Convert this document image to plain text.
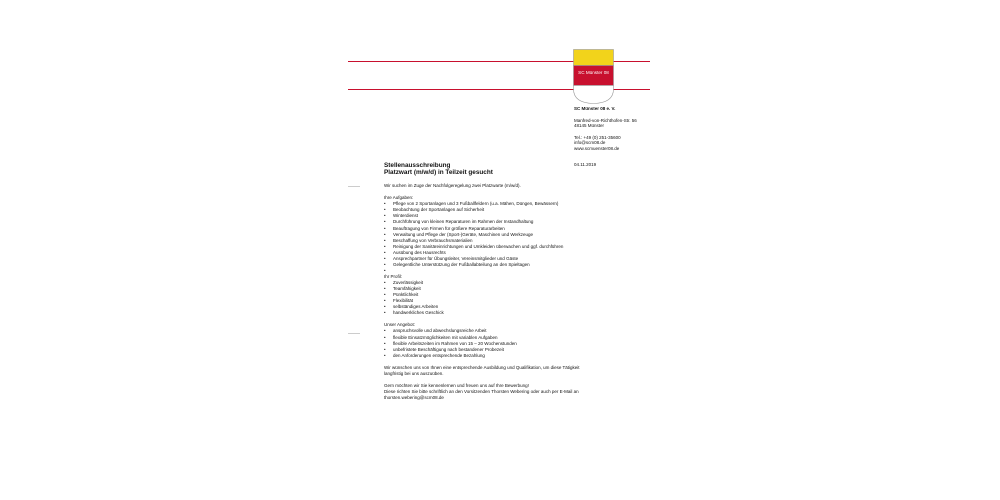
SC Münster 08
SC Münster 08 e. V.
Manfred-von-Richthofen-Str. 56
48145 Münster
Tel.: +49 (0) 251-35600
info@scm08.de
www.scmuenster08.de
04.11.2019
Stellenausschreibung
Platzwart (m/w/d) in Teilzeit gesucht

Wir suchen im Zuge der Nachfolgeregelung zwei Platzwarte (m/w/d).

Ihre Aufgaben:

• Pflege von 2 Sportanlagen und 3 Fußballfeldern (u.a. Mähen, Düngen, Bewässern)
• Beobachtung der Sportanlagen auf Sicherheit
• Winterdienst
• Durchführung von kleinen Reparaturen im Rahmen der Instandhaltung
• Beauftragung von Firmen für größere Reparaturarbeiten
• Verwaltung und Pflege der (Sport-)Geräte, Maschinen und Werkzeuge
• Beschaffung von Verbrauchsmaterialien
• Reinigung der Sanitäreinrichtungen und Umkleiden überwachen und ggf. durchführen
• Ausübung des Hausrechts
• Ansprechpartner für Übungsleiter, Vereinsmitglieder und Gäste
• Gelegentliche Unterstützung der Fußballabteilung an den Spieltagen
•

Ihr Profil:

• Zuverlässigkeit
• Teamfähigkeit
• Pünktlichkeit
• Flexibilität
• selbständiges Arbeiten
• handwerkliches Geschick

Unser Angebot:

• anspruchsvolle und abwechslungsreiche Arbeit
• flexible Einsatzmöglichkeiten mit variablen Aufgaben
• flexible Arbeitszeiten im Rahmen von 15 – 20 Wochenstunden
• unbefristete Beschäftigung nach bestandener Probezeit
• den Anforderungen entsprechende Bezahlung

Wir wünschen uns von Ihnen eine entsprechende Ausbildung und Qualifikation, um diese Tätigkeit

langfristig bei uns auszuüben.

Gern möchten wir Sie kennenlernen und freuen uns auf Ihre Bewerbung!

Diese richten Sie bitte schriftlich an den Vorsitzenden Thorsten Webering oder auch per E-Mail an

thorsten.webering@scm08.de
